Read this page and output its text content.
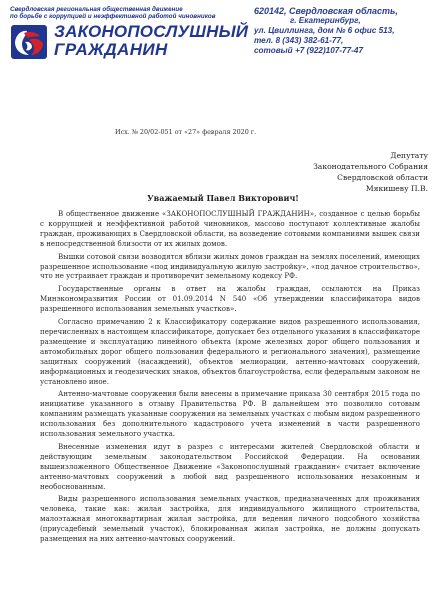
Свердловская региональная общественная движение
по борьбе с коррупцией и неэффективной работой чиновников
ЗАКОНОПОСЛУШНЫЙ
ГРАЖДАНИН
620142, Свердловская область,
г. Екатеринбург,
ул. Цвиллинга, дом № 6 офис 513,
тел. 8 (343) 382-61-77,
сотовый +7 (922)107-77-47
Исх. № 20/02-051 от «27» февраля 2020 г.
Депутату
Законодательного Собрания
Свердловской области
Мякишеву П.В.
Уважаемый Павел Викторович!

В общественное движение «ЗАКОНОПОСЛУШНЫЙ ГРАЖДАНИН», созданное с целью борьбы с коррупцией и неэффективной работой чиновников, массово поступают коллективные жалобы граждан, проживающих в Свердловской области, на возведение сотовыми компаниями вышек связи в непосредственной близости от их жилых домов.

Вышки сотовой связи возводятся вблизи жилых домов граждан на землях поселений, имеющих разрешенное использование «под индивидуальную жилую застройку», «под дачное строительство», что не устраивает граждан и противоречит земельному кодексу РФ.

Государственные органы в ответ на жалобы граждан, ссылаются на Приказ Минэкономразвития России от 01.09.2014 N 540 «Об утверждении классификатора видов разрешенного использования земельных участков».

Согласно примечанию 2 к Классификатору содержание видов разрешенного использования, перечисленных в настоящем классификаторе, допускает без отдельного указания в классификаторе размещение и эксплуатацию линейного объекта (кроме железных дорог общего пользования и автомобильных дорог общего пользования федерального и регионального значения), размещение защитных сооружений (насаждений), объектов мелиорации, антенно-мачтовых сооружений, информационных и геодезических знаков, объектов благоустройства, если федеральным законом не установлено иное.

Антенно-мачтовые сооружения были внесены в примечание приказа 30 сентября 2015 года по инициативе указанного в отзыву Правительства РФ. В дальнейшем это позволило сотовым компаниям размещать указанные сооружения на земельных участках с любым видом разрешенного использования без дополнительного кадастрового учета изменений в части разрешенного использования земельного участка.

Внесенные изменения идут в разрез с интересами жителей Свердловской области и действующим земельным законодательством Российской Федерации. На основании вышеизложенного Общественное Движение «Законопослушный гражданин» считает включение антенно-мачтовых сооружений в любой вид разрешенного использования незаконным и необоснованным.

Виды разрешенного использования земельных участков, предназначенных для проживания человека, такие как: жилая застройка, для индивидуального жилищного строительства, малоэтажная многоквартирная жилая застройка, для ведения личного подсобного хозяйства (приусадебный земельный участок), блокированная жилая застройка, не должны допускать размещения на них антенно-мачтовых сооружений.
